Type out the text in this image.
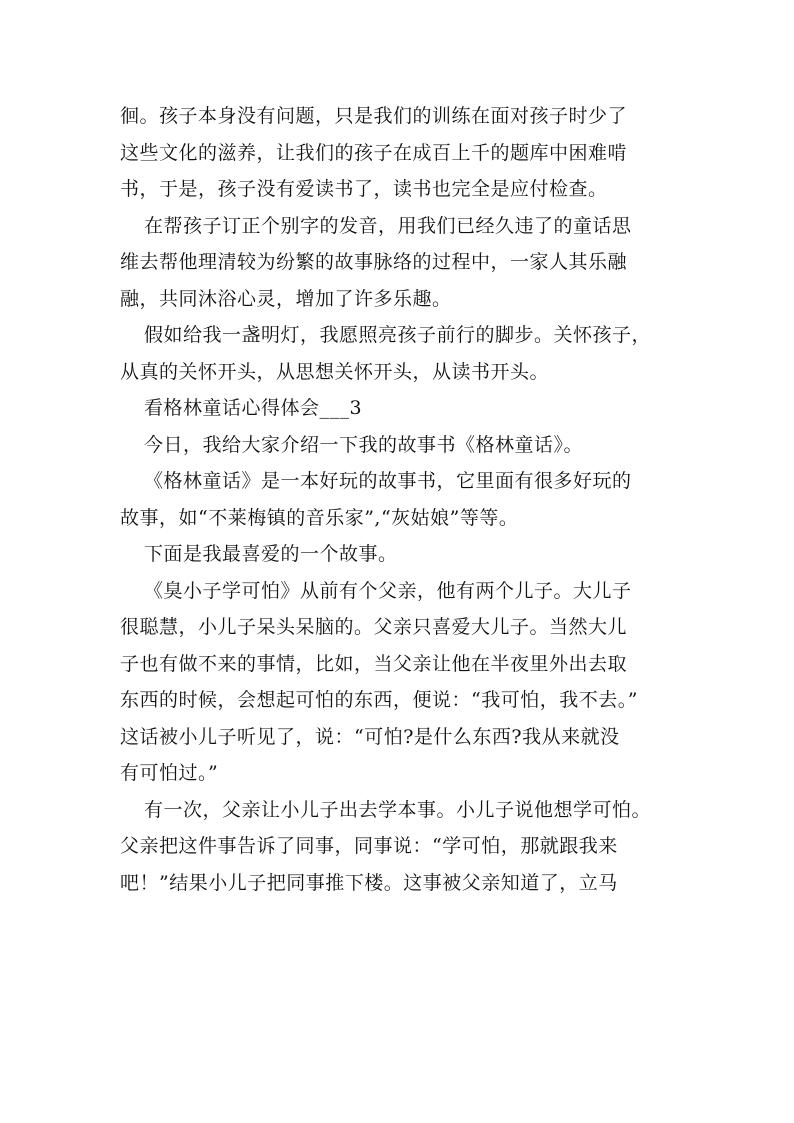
徊。孩子本身没有问题，只是我们的训练在面对孩子时少了
这些文化的滋养，让我们的孩子在成百上千的题库中困难啃
书，于是，孩子没有爱读书了，读书也完全是应付检查。
在帮孩子订正个别字的发音，用我们已经久违了的童话思
维去帮他理清较为纷繁的故事脉络的过程中，一家人其乐融
融，共同沐浴心灵，增加了许多乐趣。
假如给我一盏明灯，我愿照亮孩子前行的脚步。关怀孩子，
从真的关怀开头，从思想关怀开头，从读书开头。
看格林童话心得体会___3
今日，我给大家介绍一下我的故事书《格林童话》。
《格林童话》是一本好玩的故事书，它里面有很多好玩的
故事，如“不莱梅镇的音乐家”,“灰姑娘”等等。
下面是我最喜爱的一个故事。
《臭小子学可怕》从前有个父亲，他有两个儿子。大儿子
很聪慧，小儿子呆头呆脑的。父亲只喜爱大儿子。当然大儿
子也有做不来的事情，比如，当父亲让他在半夜里外出去取
东西的时候，会想起可怕的东西，便说：“我可怕，我不去。”
这话被小儿子听见了，说：“可怕?是什么东西?我从来就没
有可怕过。”
有一次，父亲让小儿子出去学本事。小儿子说他想学可怕。
父亲把这件事告诉了同事，同事说：“学可怕，那就跟我来
吧！”结果小儿子把同事推下楼。这事被父亲知道了，立马
